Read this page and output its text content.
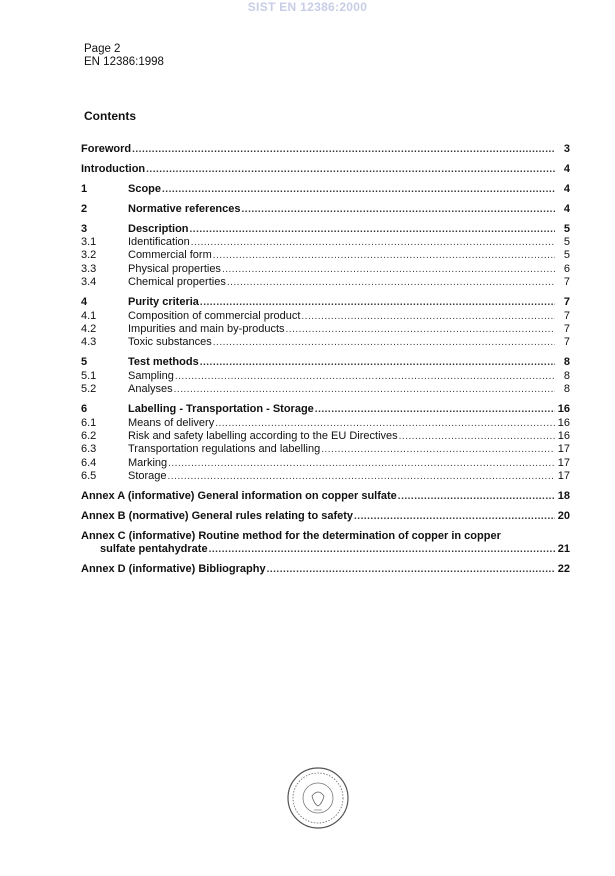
SIST EN 12386:2000
Page 2
EN 12386:1998
Contents
Foreword .....	3
Introduction .....	4
1	Scope .....	4
2	Normative references .....	4
3	Description .....	5
3.1	Identification .....	5
3.2	Commercial form .....	5
3.3	Physical properties .....	6
3.4	Chemical properties .....	7
4	Purity criteria .....	7
4.1	Composition of commercial product .....	7
4.2	Impurities and main by-products .....	7
4.3	Toxic substances .....	7
5	Test methods .....	8
5.1	Sampling .....	8
5.2	Analyses .....	8
6	Labelling - Transportation - Storage .....	16
6.1	Means of delivery .....	16
6.2	Risk and safety labelling according to the EU Directives .....	16
6.3	Transportation regulations and labelling .....	17
6.4	Marking .....	17
6.5	Storage .....	17
Annex A (informative) General information on copper sulfate .....	18
Annex B (normative) General rules relating to safety .....	20
Annex C (informative) Routine method for the determination of copper in copper
sulfate pentahydrate .....	21
Annex D (informative) Bibliography .....	22
